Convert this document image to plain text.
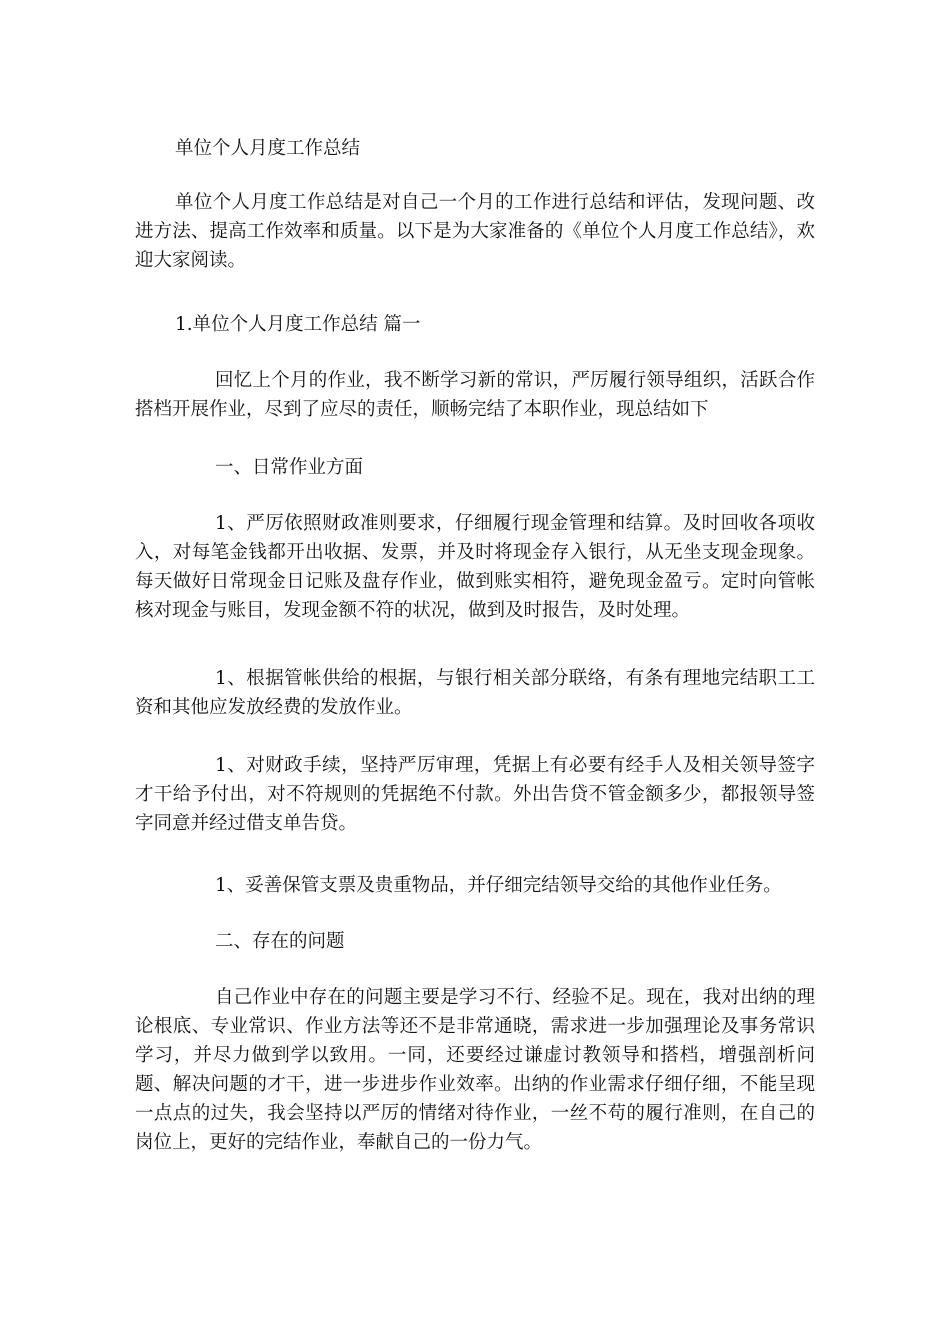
单位个人月度工作总结

单位个人月度工作总结是对自己一个月的工作进行总结和评估，发现问题、改进方法、提高工作效率和质量。以下是为大家准备的《单位个人月度工作总结》，欢迎大家阅读。

1.单位个人月度工作总结 篇一

回忆上个月的作业，我不断学习新的常识，严厉履行领导组织，活跃合作搭档开展作业，尽到了应尽的责任，顺畅完结了本职作业，现总结如下

一、日常作业方面

1、严厉依照财政准则要求，仔细履行现金管理和结算。及时回收各项收入，对每笔金钱都开出收据、发票，并及时将现金存入银行，从无坐支现金现象。每天做好日常现金日记账及盘存作业，做到账实相符，避免现金盈亏。定时向管帐核对现金与账目，发现金额不符的状况，做到及时报告，及时处理。

1、根据管帐供给的根据，与银行相关部分联络，有条有理地完结职工工资和其他应发放经费的发放作业。

1、对财政手续，坚持严厉审理，凭据上有必要有经手人及相关领导签字才干给予付出，对不符规则的凭据绝不付款。外出告贷不管金额多少，都报领导签字同意并经过借支单告贷。

1、妥善保管支票及贵重物品，并仔细完结领导交给的其他作业任务。

二、存在的问题

自己作业中存在的问题主要是学习不行、经验不足。现在，我对出纳的理论根底、专业常识、作业方法等还不是非常通晓，需求进一步加强理论及事务常识学习，并尽力做到学以致用。一同，还要经过谦虚讨教领导和搭档，增强剖析问题、解决问题的才干，进一步进步作业效率。出纳的作业需求仔细仔细，不能呈现一点点的过失，我会坚持以严厉的情绪对待作业，一丝不苟的履行准则，在自己的岗位上，更好的完结作业，奉献自己的一份力气。
